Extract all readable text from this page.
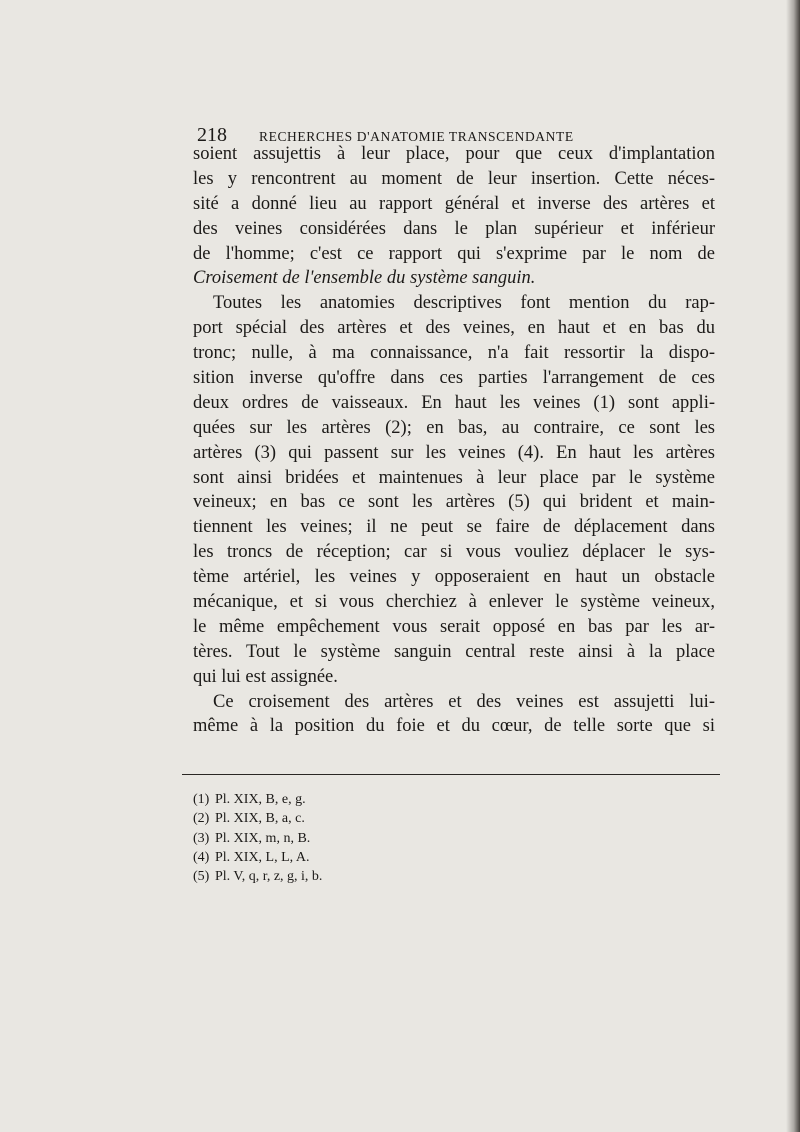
218 RECHERCHES D'ANATOMIE TRANSCENDANTE
soient assujettis à leur place, pour que ceux d'implantation
les y rencontrent au moment de leur insertion. Cette néces-
sité a donné lieu au rapport général et inverse des artères et
des veines considérées dans le plan supérieur et inférieur
de l'homme; c'est ce rapport qui s'exprime par le nom de
Croisement de l'ensemble du système sanguin.
Toutes les anatomies descriptives font mention du rap-
port spécial des artères et des veines, en haut et en bas du
tronc; nulle, à ma connaissance, n'a fait ressortir la dispo-
sition inverse qu'offre dans ces parties l'arrangement de ces
deux ordres de vaisseaux. En haut les veines (1) sont appli-
quées sur les artères (2); en bas, au contraire, ce sont les
artères (3) qui passent sur les veines (4). En haut les artères
sont ainsi bridées et maintenues à leur place par le système
veineux; en bas ce sont les artères (5) qui brident et main-
tiennent les veines; il ne peut se faire de déplacement dans
les troncs de réception; car si vous vouliez déplacer le sys-
tème artériel, les veines y opposeraient en haut un obstacle
mécanique, et si vous cherchiez à enlever le système veineux,
le même empêchement vous serait opposé en bas par les ar-
tères. Tout le système sanguin central reste ainsi à la place
qui lui est assignée.
Ce croisement des artères et des veines est assujetti lui-
même à la position du foie et du cœur, de telle sorte que si
(1) Pl. XIX, B, e, g.
(2) Pl. XIX, B, a, c.
(3) Pl. XIX, m, n, B.
(4) Pl. XIX, L, L, A.
(5) Pl. V, q, r, z, g, i, b.
